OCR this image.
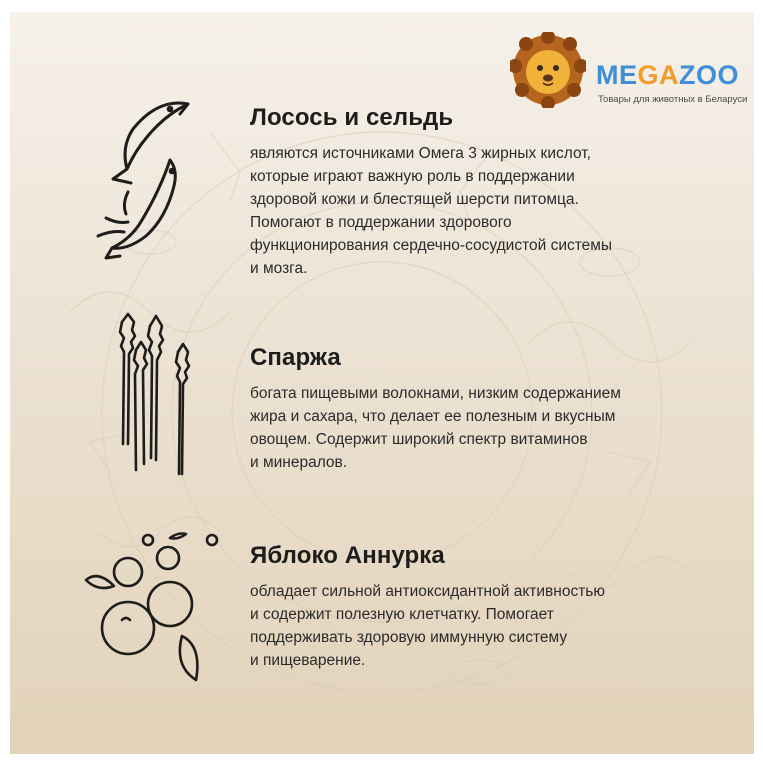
MEGAZOO
Товары для животных в Беларуси
Лосось и сельдь

являются источниками Омега 3 жирных кислот,
которые играют важную роль в поддержании
здоровой кожи и блестящей шерсти питомца.
Помогают в поддержании здорового
функционирования сердечно-сосудистой системы
и мозга.

Спаржа

богата пищевыми волокнами, низким содержанием
жира и сахара, что делает ее полезным и вкусным
овощем. Содержит широкий спектр витаминов
и минералов.

Яблоко Аннурка

обладает сильной антиоксидантной активностью
и содержит полезную клетчатку. Помогает
поддерживать здоровую иммунную систему
и пищеварение.
